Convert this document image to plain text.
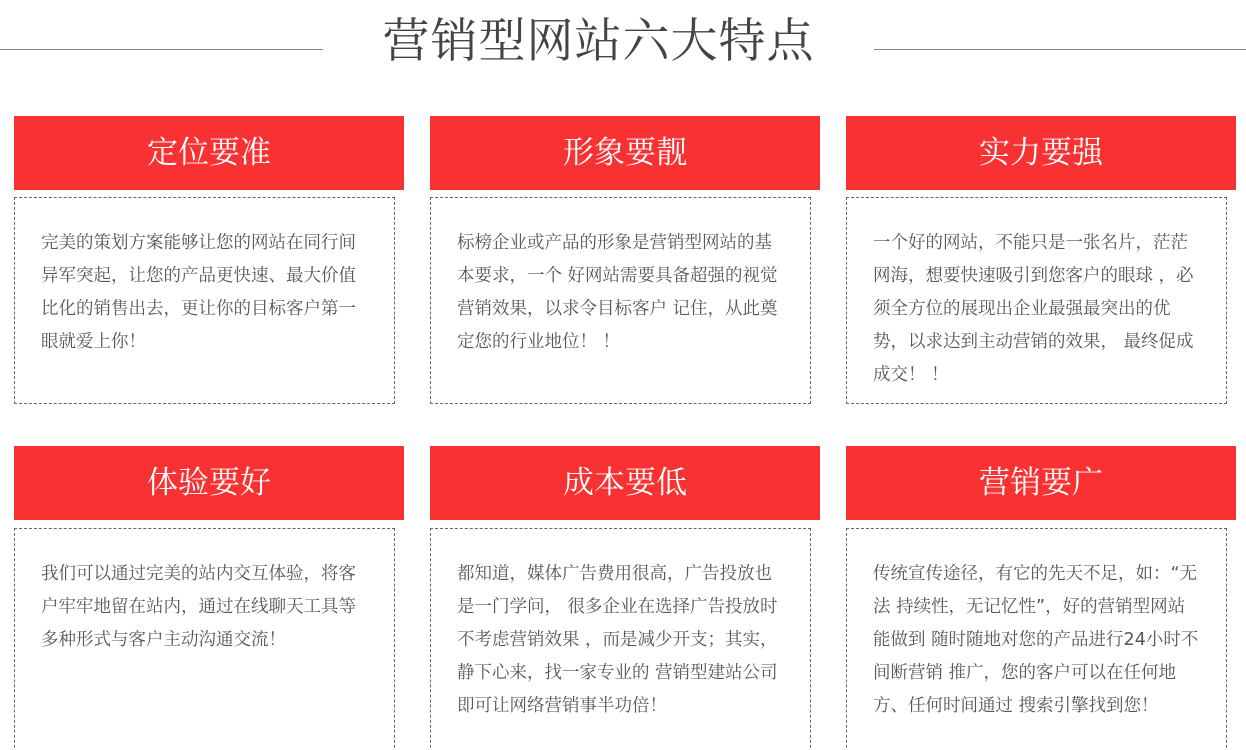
营销型网站六大特点
定位要准

完美的策划方案能够让您的网站在同行间异军突起，让您的产品更快速、最大价值比化的销售出去，更让你的目标客户第一眼就爱上你！

形象要靓

标榜企业或产品的形象是营销型网站的基本要求，一个 好网站需要具备超强的视觉营销效果，以求令目标客户 记住，从此奠定您的行业地位！ ！

实力要强

一个好的网站，不能只是一张名片，茫茫网海，想要快速吸引到您客户的眼球 ，必须全方位的展现出企业最强最突出的优势，以求达到主动营销的效果， 最终促成成交！ ！

体验要好

我们可以通过完美的站内交互体验，将客户牢牢地留在站内，通过在线聊天工具等多种形式与客户主动沟通交流！

成本要低

都知道，媒体广告费用很高，广告投放也是一门学问， 很多企业在选择广告投放时不考虑营销效果 ，而是减少开支；其实，静下心来，找一家专业的 营销型建站公司即可让网络营销事半功倍！

营销要广

传统宣传途径，有它的先天不足，如：“无法 持续性，无记忆性”，好的营销型网站能做到 随时随地对您的产品进行24小时不间断营销 推广，您的客户可以在任何地方、任何时间通过 搜索引擎找到您！
